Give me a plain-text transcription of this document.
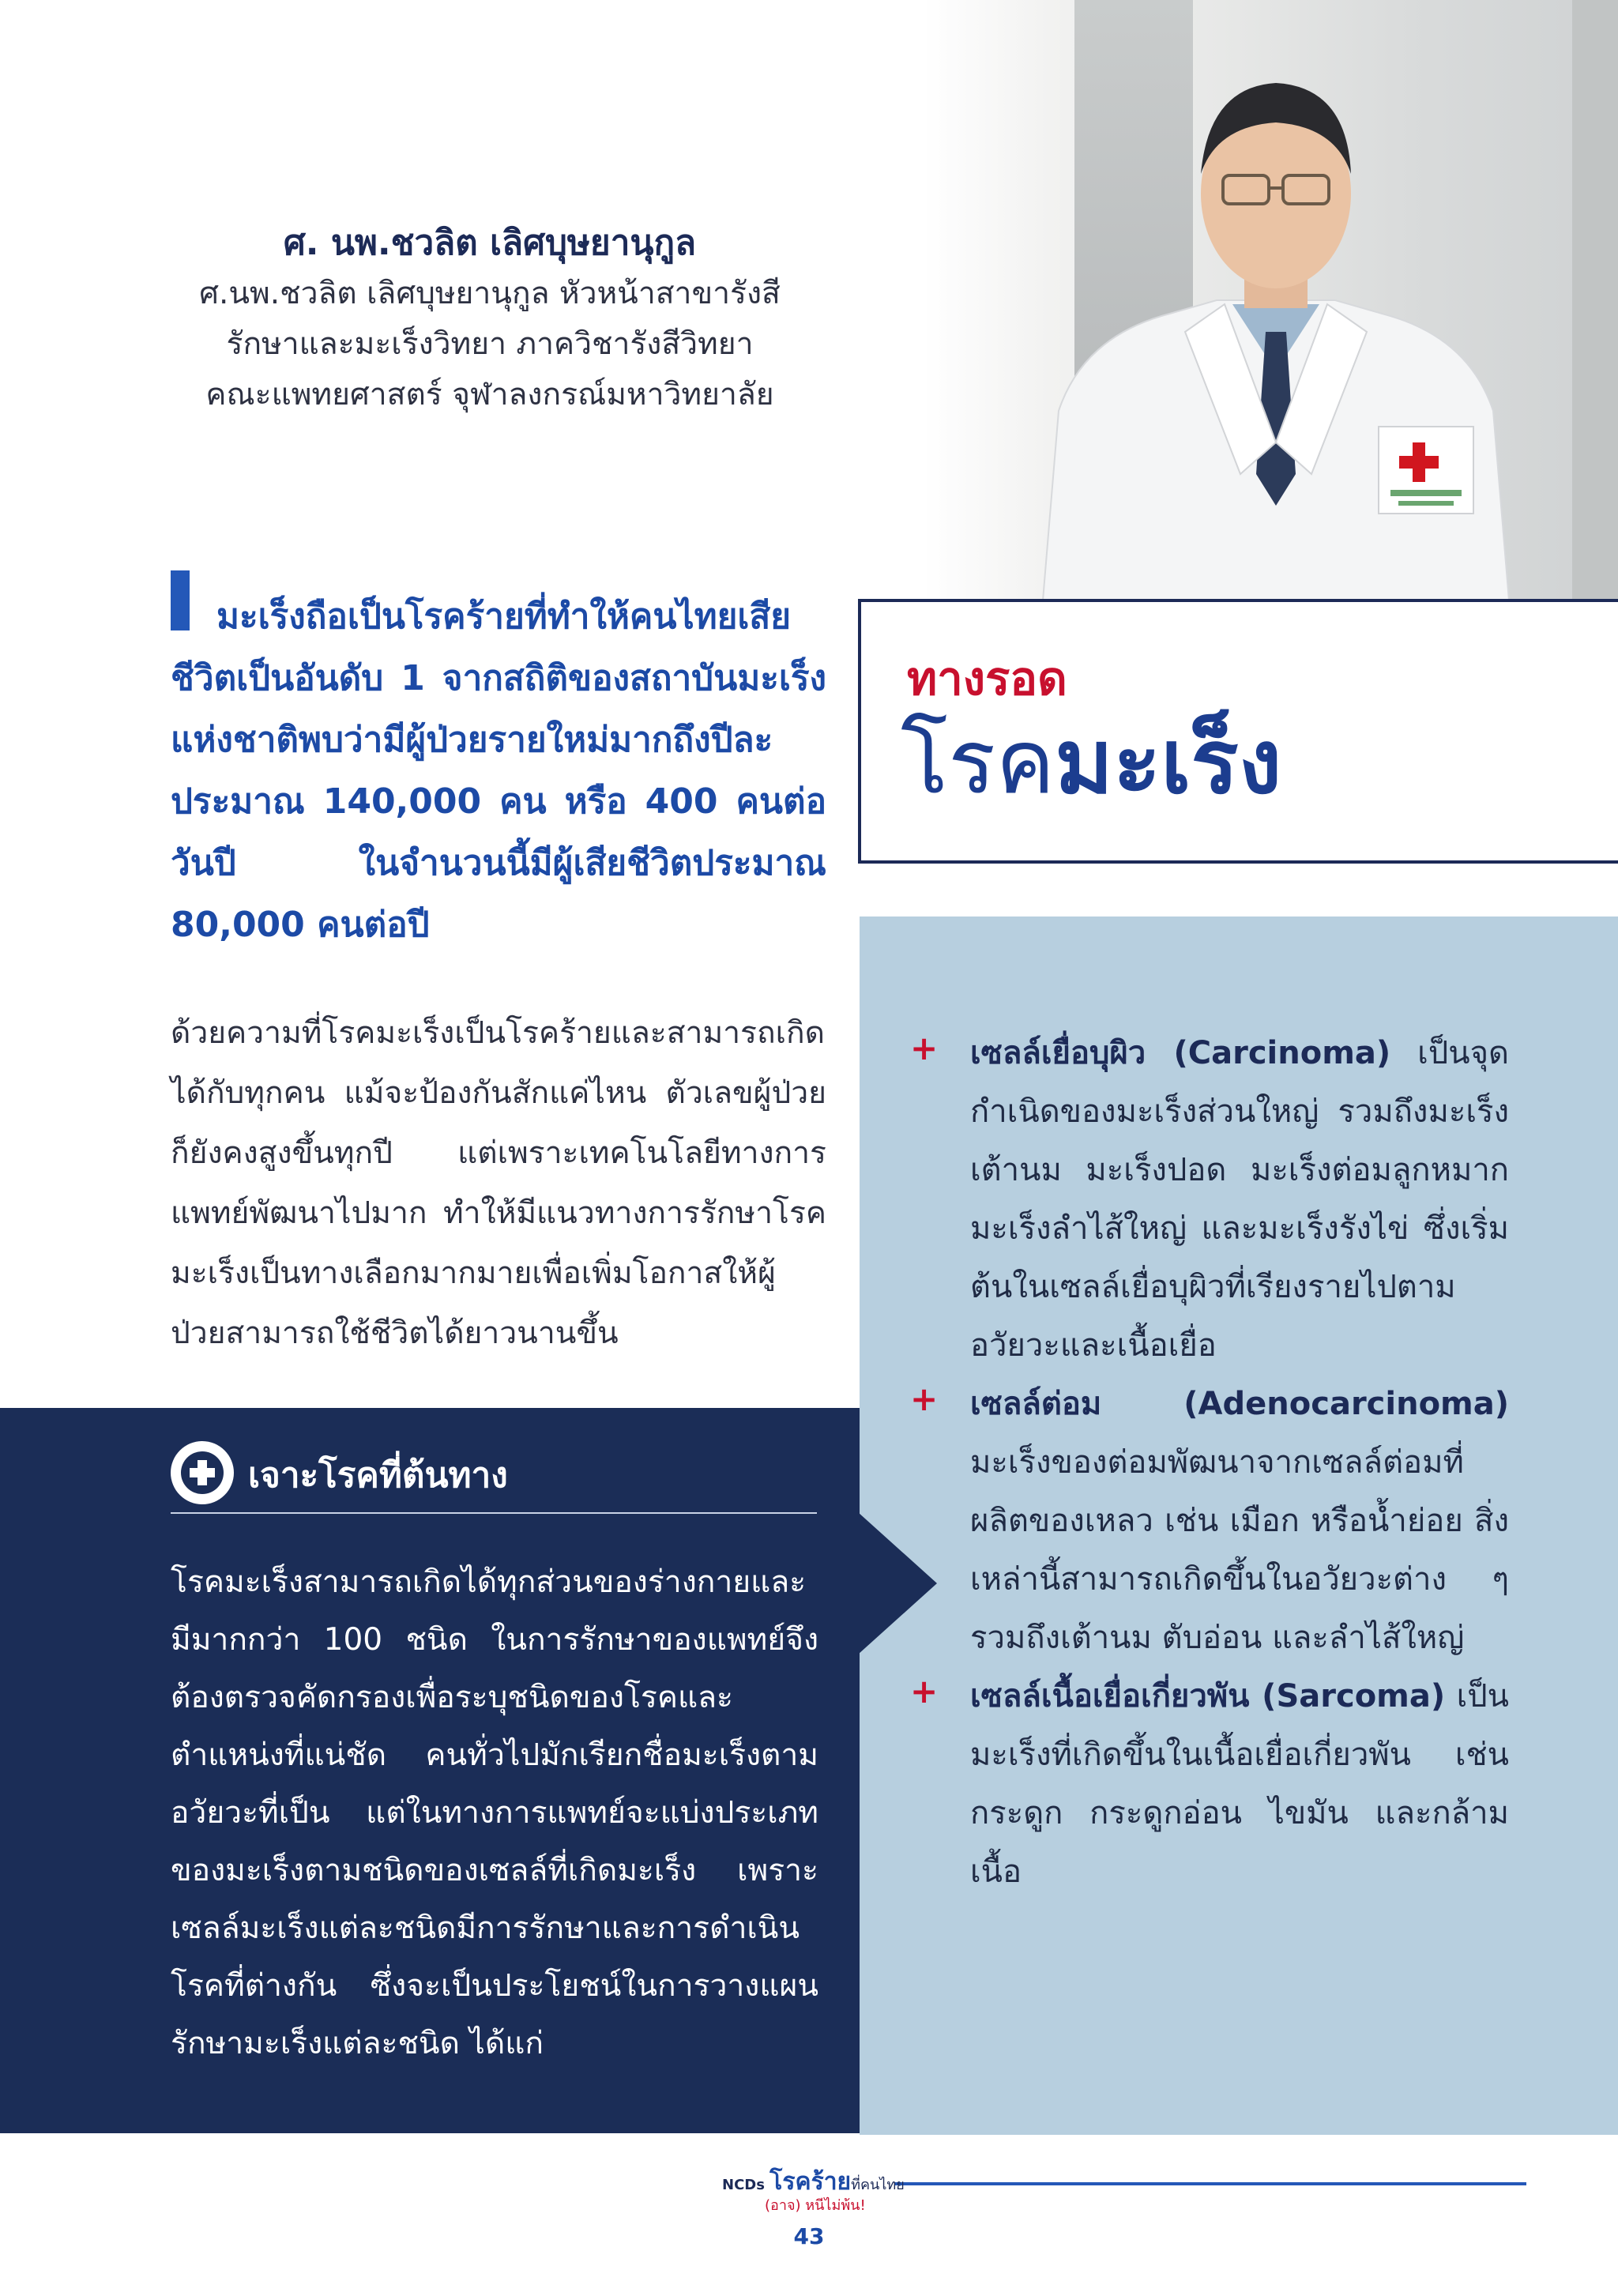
ศ. นพ.ชวลิต เลิศบุษยานุกูล
ศ.นพ.ชวลิต เลิศบุษยานุกูล หัวหน้าสาขารังสี
รักษาและมะเร็งวิทยา ภาควิชารังสีวิทยา
คณะแพทยศาสตร์ จุฬาลงกรณ์มหาวิทยาลัย
ทางรอด
โรคมะเร็ง
มะเร็งถือเป็นโรคร้ายที่ทำให้คนไทยเสียชีวิตเป็นอันดับ 1 จากสถิติของสถาบันมะเร็งแห่งชาติพบว่ามีผู้ป่วยรายใหม่มากถึงปีละประมาณ 140,000 คน หรือ 400 คนต่อวันปี ในจำนวนนี้มีผู้เสียชีวิตประมาณ 80,000 คนต่อปี
ด้วยความที่โรคมะเร็งเป็นโรคร้ายและสามารถเกิดได้กับทุกคน แม้จะป้องกันสักแค่ไหน ตัวเลขผู้ป่วยก็ยังคงสูงขึ้นทุกปี แต่เพราะเทคโนโลยีทางการแพทย์พัฒนาไปมาก ทำให้มีแนวทางการรักษาโรคมะเร็งเป็นทางเลือกมากมายเพื่อเพิ่มโอกาสให้ผู้ป่วยสามารถใช้ชีวิตได้ยาวนานขึ้น
เจาะโรคที่ต้นทาง
โรคมะเร็งสามารถเกิดได้ทุกส่วนของร่างกายและมีมากกว่า 100 ชนิด ในการรักษาของแพทย์จึงต้องตรวจคัดกรองเพื่อระบุชนิดของโรคและตำแหน่งที่แน่ชัด คนทั่วไปมักเรียกชื่อมะเร็งตามอวัยวะที่เป็น แต่ในทางการแพทย์จะแบ่งประเภทของมะเร็งตามชนิดของเซลล์ที่เกิดมะเร็ง เพราะเซลล์มะเร็งแต่ละชนิดมีการรักษาและการดำเนินโรคที่ต่างกัน ซึ่งจะเป็นประโยชน์ในการวางแผนรักษามะเร็งแต่ละชนิด ได้แก่
+ เซลล์เยื่อบุผิว (Carcinoma) เป็นจุดกำเนิดของมะเร็งส่วนใหญ่ รวมถึงมะเร็งเต้านม มะเร็งปอด มะเร็งต่อมลูกหมาก มะเร็งลำไส้ใหญ่ และมะเร็งรังไข่ ซึ่งเริ่มต้นในเซลล์เยื่อบุผิวที่เรียงรายไปตามอวัยวะและเนื้อเยื่อ
+ เซลล์ต่อม (Adenocarcinoma) มะเร็งของต่อมพัฒนาจากเซลล์ต่อมที่ผลิตของเหลว เช่น เมือก หรือน้ำย่อย สิ่งเหล่านี้สามารถเกิดขึ้นในอวัยวะต่าง ๆ รวมถึงเต้านม ตับอ่อน และลำไส้ใหญ่
+ เซลล์เนื้อเยื่อเกี่ยวพัน (Sarcoma) เป็นมะเร็งที่เกิดขึ้นในเนื้อเยื่อเกี่ยวพัน เช่น กระดูก กระดูกอ่อน ไขมัน และกล้ามเนื้อ
NCDs โรคร้ายที่คนไทย
(อาจ) หนีไม่พ้น!
43
